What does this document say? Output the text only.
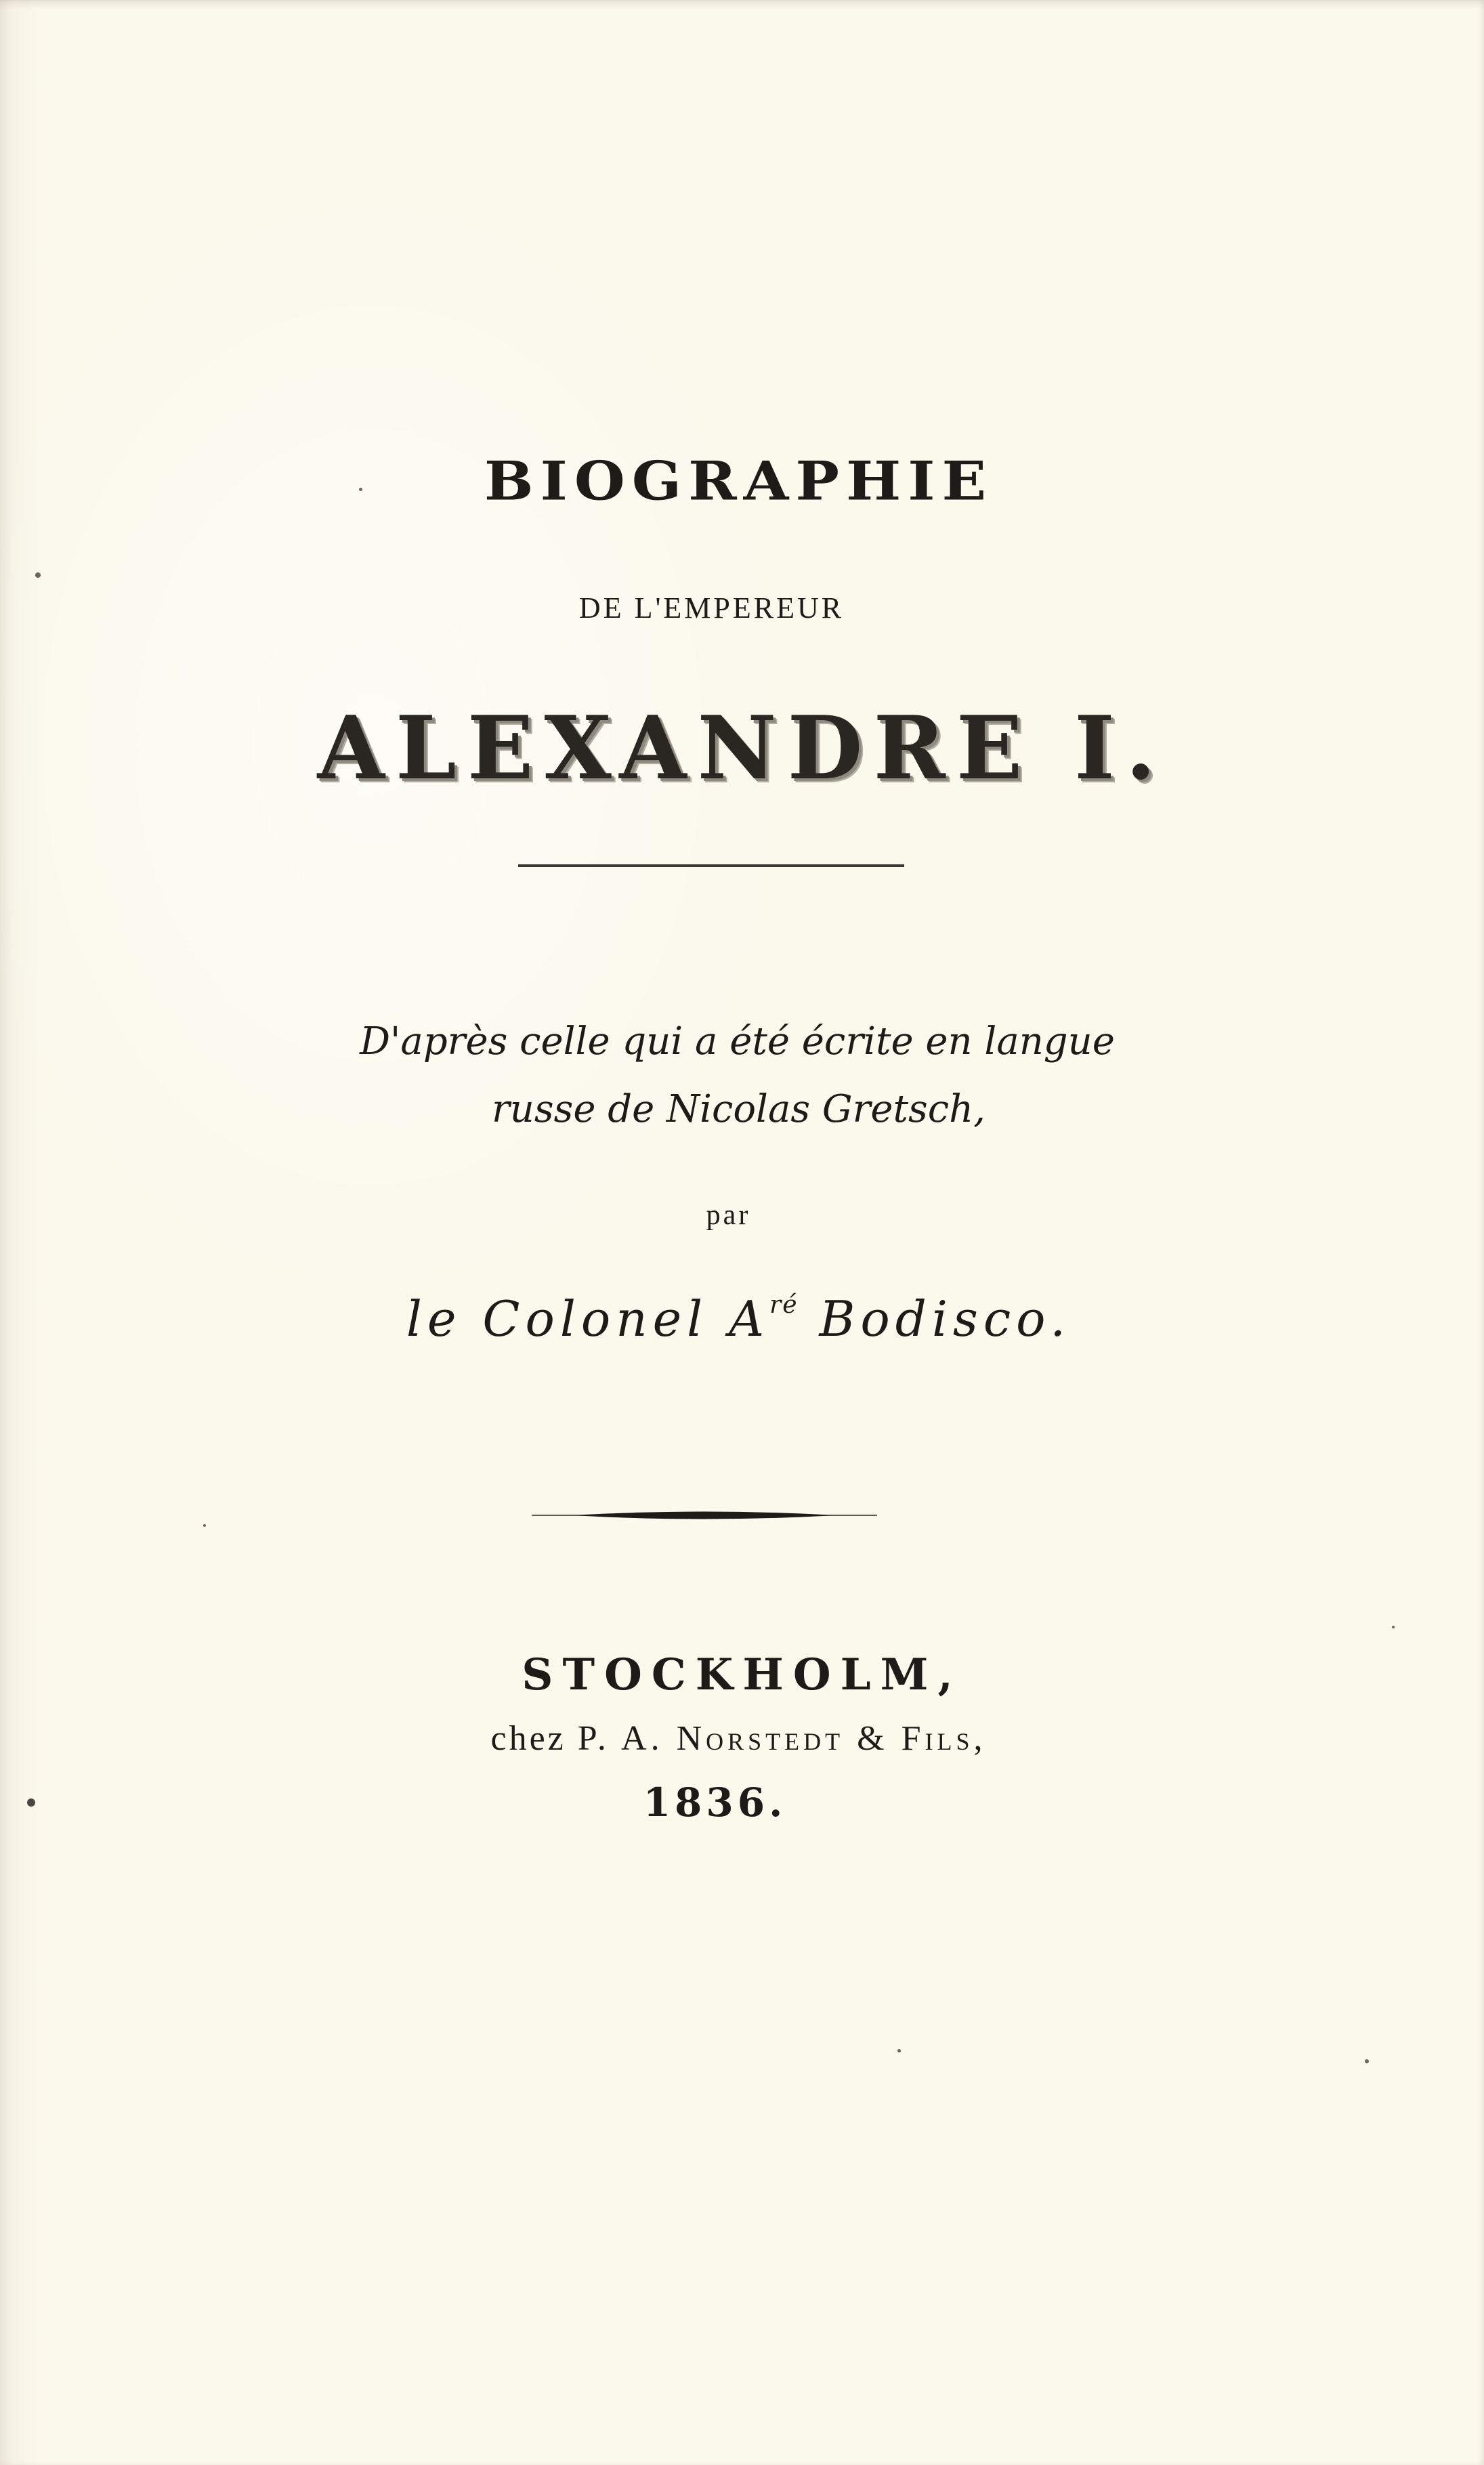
BIOGRAPHIE
DE L'EMPEREUR
ALEXANDRE I.
D'après celle qui a été écrite en langue
russe de Nicolas Gretsch,
par
le Colonel $A^{ré}$ Bodisco.
STOCKHOLM,
chez P. A. Norstedt & Fils,
1836.
